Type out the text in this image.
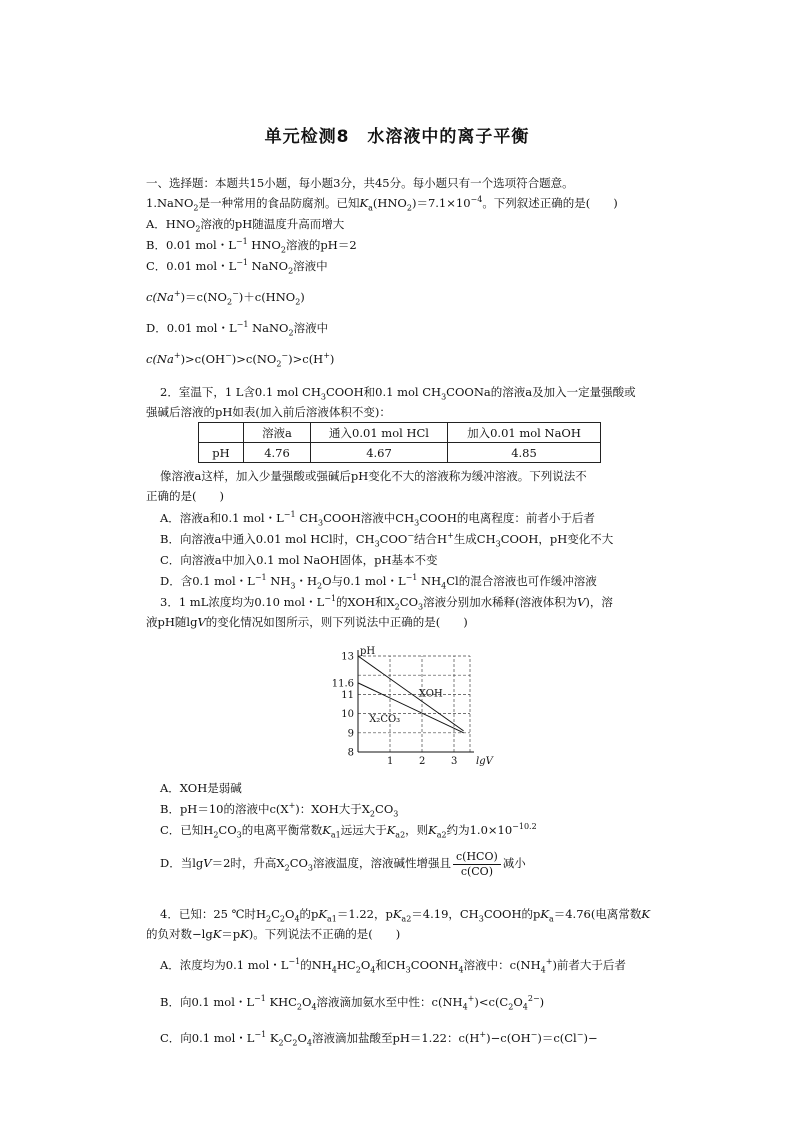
单元检测8　水溶液中的离子平衡
一、选择题：本题共15小题，每小题3分，共45分。每小题只有一个选项符合题意。
1.NaNO$_2$是一种常用的食品防腐剂。已知$K_a(HNO_2)=7.1\times 10^{-4}$。下列叙述正确的是(　　)
A．$HNO_2$溶液的pH随温度升高而增大
B．0.01 mol・$L^{-1}$ $HNO_2$溶液的pH＝2
C．0.01 mol・$L^{-1}$ NaNO$_2$溶液中
$c(Na^+)=c(NO_2^-)+c(HNO_2)$
D．0.01 mol・$L^{-1}$ NaNO$_2$溶液中
$c(Na^+)>c(OH^-)>c(NO_2^-)>c(H^+)$
2．室温下，1 L含0.1 mol $CH_3COOH$和0.1 mol $CH_3COONa$的溶液a及加入一定量强酸或
强碱后溶液的pH如表(加入前后溶液体积不变)：
	溶液a	通入0.01 mol HCl	加入0.01 mol NaOH
pH	4.76	4.67	4.85
像溶液a这样，加入少量强酸或强碱后pH变化不大的溶液称为缓冲溶液。下列说法不
正确的是(　　)
A．溶液a和0.1 mol・$L^{-1}$ $CH_3COOH$溶液中$CH_3COOH$的电离程度：前者小于后者
B．向溶液a中通入0.01 mol HCl时，$CH_3COO^-$结合H+生成$CH_3COOH$，pH变化不大
C．向溶液a中加入0.1 mol NaOH固体，pH基本不变
D．含0.1 mol・$L^{-1}$ $NH_3$・$H_2O$与0.1 mol・$L^{-1}$ $NH_4Cl$的混合溶液也可作缓冲溶液
3．1 mL浓度均为0.10 mol・$L^{-1}$的XOH和$X_2CO_3$溶液分别加水稀释(溶液体积为V)，溶
液pH随lgV的变化情况如图所示，则下列说法中正确的是(　　)
1	2	3
13
11.6
11
10
9
8
pH
lgV
XOH
X₂CO₃
A．XOH是弱碱
B．pH＝10的溶液中c(X+)：XOH大于$X_2CO_3$
C．已知$H_2CO_3$的电离平衡常数$K_{a1}$远远大于$K_{a2}$，则$K_{a2}$约为$1.0\times 10^{-10.2}$
D．当lgV＝2时，升高$X_2CO_3$溶液温度，溶液碱性增强且 $\frac{\text{c(HCO)}}{c(CO)}$ 减小
4．已知：25 ℃时$H_2C_2O_4$的$pK_{a1}=1.22$，$pK_{a2}=4.19$，$CH_3COOH$的$pK_a=4.76$(电离常数K
的负对数−lgK＝pK)。下列说法不正确的是(　　)
A．浓度均为0.1 mol・$L^{-1}$的$NH_4HC_2O_4$和$CH_3COONH_4$溶液中：$c(NH_4^+)$前者大于后者
B．向0.1 mol・$L^{-1}$ $KHC_2O_4$溶液滴加氨水至中性：$c(NH_4^+)<c(C_2O_4^{2-})$
C．向0.1 mol・$L^{-1}$ $K_2C_2O_4$溶液滴加盐酸至pH＝1.22：c(H+)−c(OH−)＝c(Cl−)−
